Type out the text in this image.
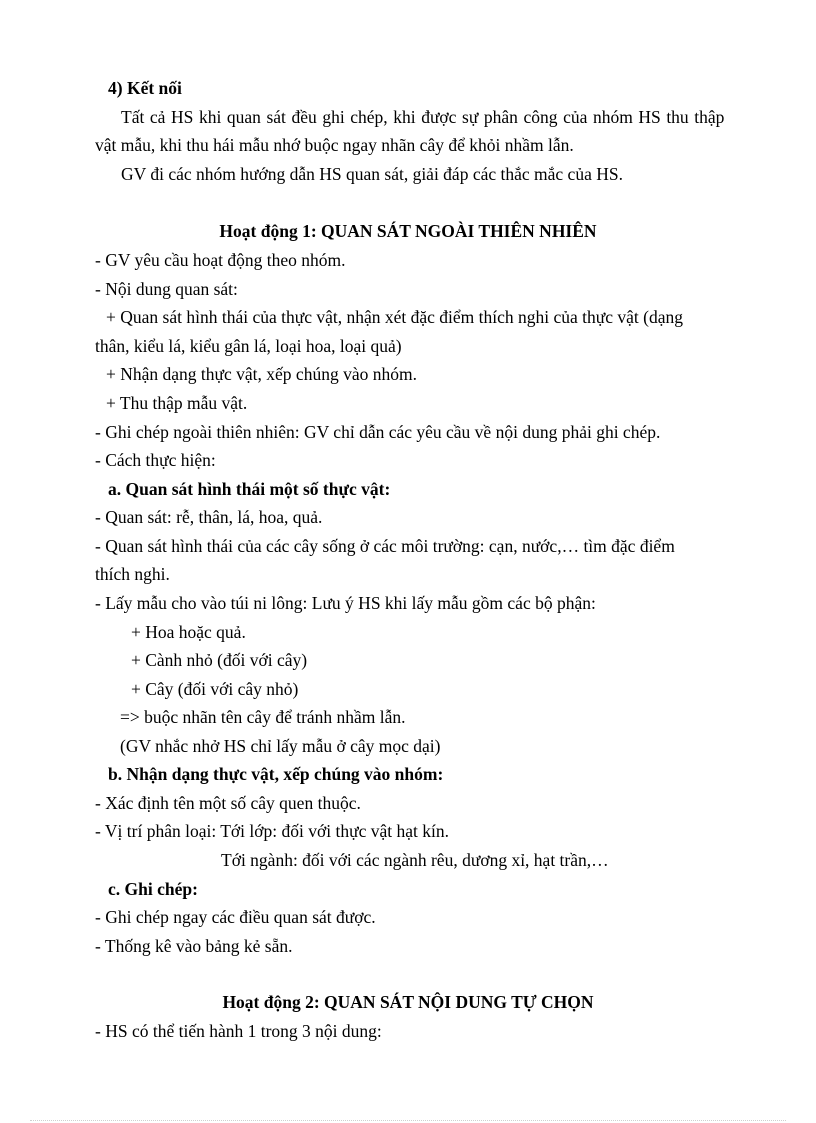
4) Kết nối

Tất cả HS khi quan sát đều ghi chép, khi được sự phân công của nhóm HS thu thập

vật mẫu, khi thu hái mẫu nhớ buộc ngay nhãn cây để khỏi nhầm lẫn.

GV đi các nhóm hướng dẫn HS quan sát, giải đáp các thắc mắc của HS.

Hoạt động 1: QUAN SÁT NGOÀI THIÊN NHIÊN

- GV yêu cầu hoạt động theo nhóm.

- Nội dung quan sát:

+ Quan sát hình thái của thực vật, nhận xét đặc điểm thích nghi của thực vật (dạng

thân, kiểu lá, kiểu gân lá, loại hoa, loại quả)

+ Nhận dạng thực vật, xếp chúng vào nhóm.

+ Thu thập mẫu vật.

- Ghi chép ngoài thiên nhiên: GV chỉ dẫn các yêu cầu về nội dung phải ghi chép.

- Cách thực hiện:

a. Quan sát hình thái một số thực vật:

- Quan sát: rễ, thân, lá, hoa, quả.

- Quan sát hình thái của các cây sống ở các môi trường: cạn, nước,… tìm đặc điểm

thích nghi.

- Lấy mẫu cho vào túi ni lông: Lưu ý HS khi lấy mẫu gồm các bộ phận:

+ Hoa hoặc quả.

+ Cành nhỏ (đối với cây)

+ Cây (đối với cây nhỏ)

=> buộc nhãn tên cây để tránh nhầm lẫn.

(GV nhắc nhở HS chỉ lấy mẫu ở cây mọc dại)

b. Nhận dạng thực vật, xếp chúng vào nhóm:

- Xác định tên một số cây quen thuộc.

- Vị trí phân loại: Tới lớp: đối với thực vật hạt kín.

Tới ngành: đối với các ngành rêu, dương xỉ, hạt trần,…

c. Ghi chép:

- Ghi chép ngay các điều quan sát được.

- Thống kê vào bảng kẻ sẵn.

Hoạt động 2: QUAN SÁT NỘI DUNG TỰ CHỌN

- HS có thể tiến hành 1 trong 3 nội dung:
